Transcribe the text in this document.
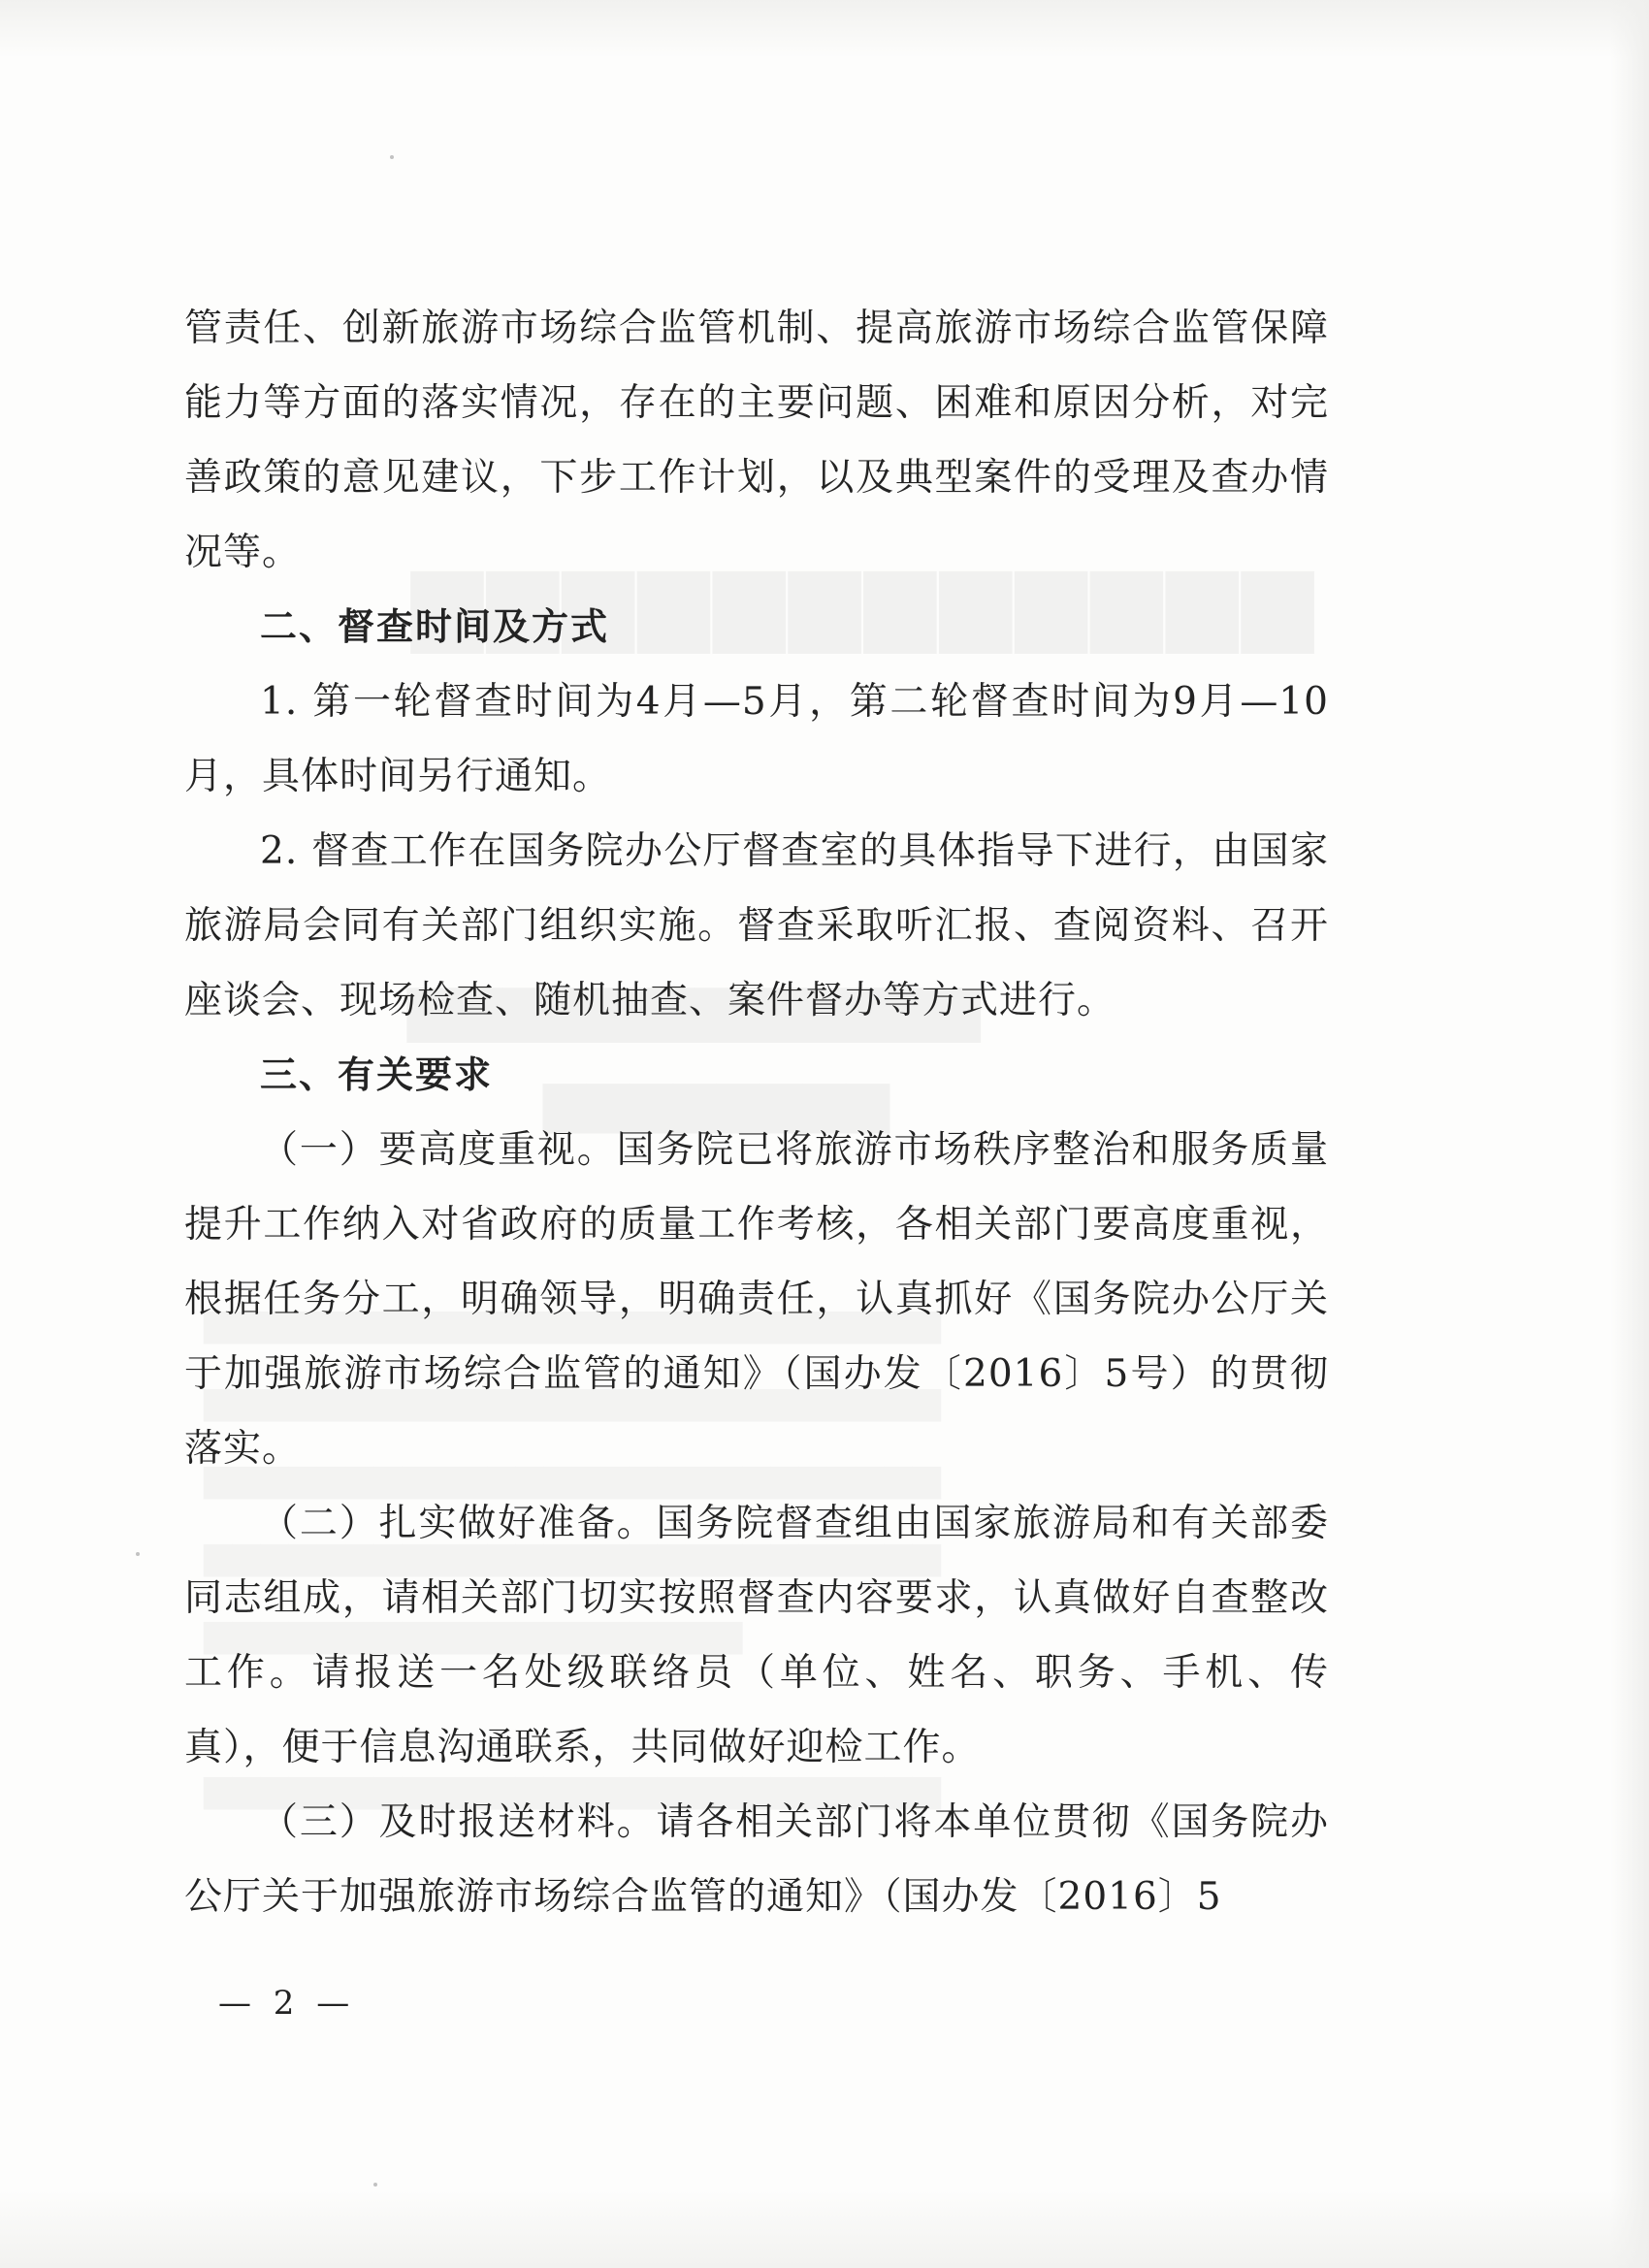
管责任、创新旅游市场综合监管机制、提高旅游市场综合监管保障能力等方面的落实情况，存在的主要问题、困难和原因分析，对完善政策的意见建议，下步工作计划，以及典型案件的受理及查办情况等。

二、督查时间及方式

1. 第一轮督查时间为4月—5月，第二轮督查时间为9月—10月，具体时间另行通知。

2. 督查工作在国务院办公厅督查室的具体指导下进行，由国家旅游局会同有关部门组织实施。督查采取听汇报、查阅资料、召开座谈会、现场检查、随机抽查、案件督办等方式进行。

三、有关要求

（一）要高度重视。国务院已将旅游市场秩序整治和服务质量提升工作纳入对省政府的质量工作考核，各相关部门要高度重视，根据任务分工，明确领导，明确责任，认真抓好《国务院办公厅关于加强旅游市场综合监管的通知》（国办发〔2016〕5号）的贯彻落实。

（二）扎实做好准备。国务院督查组由国家旅游局和有关部委同志组成，请相关部门切实按照督查内容要求，认真做好自查整改工作。请报送一名处级联络员（单位、姓名、职务、手机、传真），便于信息沟通联系，共同做好迎检工作。

（三）及时报送材料。请各相关部门将本单位贯彻《国务院办公厅关于加强旅游市场综合监管的通知》（国办发〔2016〕5

— 2 —
